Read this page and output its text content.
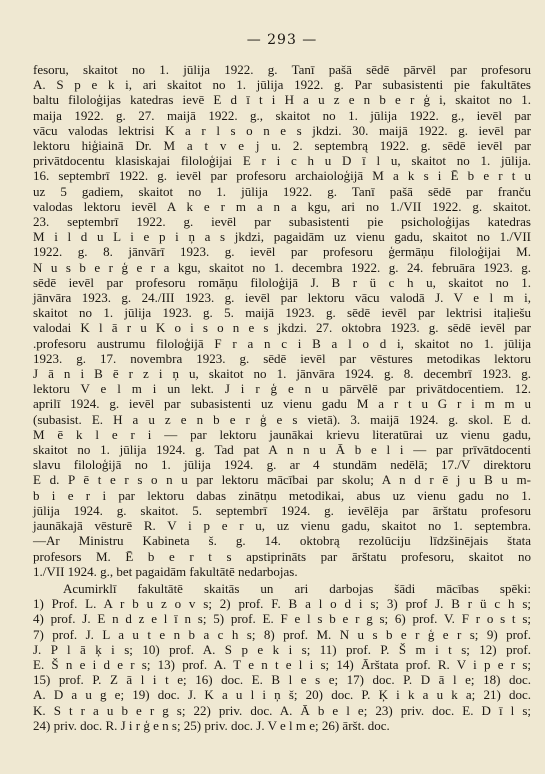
— 293 —
fesoru, skaitot no 1. jūlija 1922. g. Tanī pašā sēdē pārvēl par profesoru
A. S p e k i, ari skaitot no 1. jūlija 1922. g. Par subasistenti pie fakultātes
baltu filoloģijas katedras ievē E d ī t i H a u z e n b e r ģ i, skaitot no 1.
maija 1922. g. 27. maijā 1922. g., skaitot no 1. jūlija 1922. g., ievēl par
vācu valodas lektrisi K a r l s o n e s jkdzi. 30. maijā 1922. g. ievēl par
lektoru hiģiainā Dr. M a t v e j u. 2. septembrą 1922. g. sēdē ievēl par
privātdocentu klasiskajai filoloģijai E r i c h u D ī l u, skaitot no 1. jūlija.
16. septembrī 1922. g. ievēl par profesoru archaioloģijā M a k s i Ē b e r t u
uz 5 gadiem, skaitot no 1. jūlija 1922. g. Tanī pašā sēdē par franču
valodas lektoru ievēl A k e r m a n a kgu, ari no 1./VII 1922. g. skaitot.
23. septembrī 1922. g. ievēl par subasistenti pie psicholoģijas katedras
M i l d u L i e p i ņ a s jkdzi, pagaidām uz vienu gadu, skaitot no 1./VII
1922. g. 8. jānvārī 1923. g. ievēl par profesoru ģermāņu filoloģijai M.
N u s b e r ģ e r a kgu, skaitot no 1. decembra 1922. g. 24. februāra 1923. g.
sēdē ievēl par profesoru romāņu filoloģijā J. B r ü c h u, skaitot no 1.
jānvāra 1923. g. 24./III 1923. g. ievēl par lektoru vācu valodā J. V e l m i,
skaitot no 1. jūlija 1923. g. 5. maijā 1923. g. sēdē ievēl par lektrisi itaļiešu
valodai K l ā r u K o i s o n e s jkdzi. 27. oktobra 1923. g. sēdē ievēl par
.profesoru austrumu filoloģijā F r a n c i B a l o d i, skaitot no 1. jūlija
1923. g. 17. novembra 1923. g. sēdē ievēl par vēstures metodikas lektoru
J ā n i B ē r z i ņ u, skaitot no 1. jānvāra 1924. g. 8. decembrī 1923. g.
lektoru V e l m i un lekt. J i r ģ e n u pārvēlē par privātdocentiem. 12.
aprilī 1924. g. ievēl par subasistenti uz vienu gadu M a r t u G r i m m u
(subasist. E. H a u z e n b e r ģ e s vietā). 3. maijā 1924. g. skol. E d.
M ē k l e r i — par lektoru jaunākai krievu literatūrai uz vienu gadu,
skaitot no 1. jūlija 1924. g. Tad pat A n n u Ā b e l i — par prīvātdocenti
slavu filoloģijā no 1. jūlija 1924. g. ar 4 stundām nedēlā; 17./V direktoru
E d. P ē t e r s o n u par lektoru mācībai par skolu; A n d r ē j u B u m-
b i e r i par lektoru dabas zinātņu metodikai, abus uz vienu gadu no 1.
jūlija 1924. g. skaitot. 5. septembrī 1924. g. ievēlēja par ārštatu profesoru
jaunākajā vēsturē R. V i p e r u, uz vienu gadu, skaitot no 1. septembra.
—Ar Ministru Kabineta š. g. 14. oktobrą rezolūciju līdzšinējais štata
profesors M. Ē b e r t s apstiprināts par ārštatu profesoru, skaitot no
1./VII 1924. g., bet pagaidām fakultātē nedarbojas.
Acumirklī fakultātē skaitās un ari darbojas šādi mācības spēki:
1) Prof. L. A r b u z o v s; 2) prof. F. B a l o d i s; 3) prof J. B r ü c h s;
4) prof. J. E n d z e l ī n s; 5) prof. E. F e l s b e r g s; 6) prof. V. F r o s t s;
7) prof. J. L a u t e n b a c h s; 8) prof. M. N u s b e r ģ e r s; 9) prof.
J. P l ā ķ i s; 10) prof. A. S p e k i s; 11) prof. P. Š m i t s; 12) prof.
E. Š n e i d e r s; 13) prof. A. T e n t e l i s; 14) Ārštata prof. R. V i p e r s;
15) prof. P. Z ā l i t e; 16) doc. E. B l e s e; 17) doc. P. D ā l e; 18) doc.
A. D a u g e; 19) doc. J. K a u l i ņ š; 20) doc. P. Ķ i k a u k a; 21) doc.
K. S t r a u b e r g s; 22) priv. doc. A. Ā b e l e; 23) priv. doc. E. D ī l s;
24) priv. doc. R. J i r ģ e n s; 25) priv. doc. J. V e l m e; 26) āršt. doc.
